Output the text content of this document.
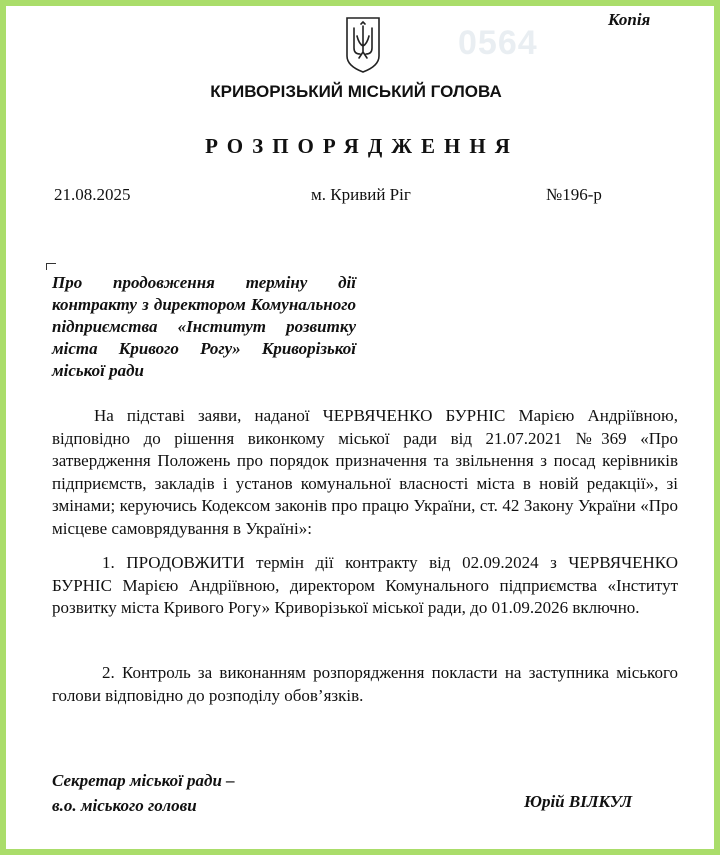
0564
Копія
КРИВОРІЗЬКИЙ МІСЬКИЙ ГОЛОВА
РОЗПОРЯДЖЕННЯ
21.08.2025	м. Кривий Ріг	№196-р
Про продовження терміну дії контракту з директором Комунального підприємства «Інститут розвитку міста Кривого Рогу» Криворізької міської ради

На підставі заяви, наданої ЧЕРВЯЧЕНКО БУРНІС Марією Андріївною, відповідно до рішення виконкому міської ради від 21.07.2021 №369 «Про затвердження Положень про порядок призначення та звільнення з посад керівників підприємств, закладів і установ комунальної власності міста в новій редакції», зі змінами; керуючись Кодексом законів про працю України, ст. 42 Закону України «Про місцеве самоврядування в Україні»:

1. ПРОДОВЖИТИ термін дії контракту від 02.09.2024 з ЧЕРВЯЧЕНКО БУРНІС Марією Андріївною, директором Комунального підприємства «Інститут розвитку міста Кривого Рогу» Криворізької міської ради, до 01.09.2026 включно.

2. Контроль за виконанням розпорядження покласти на заступника міського голови відповідно до розподілу обов’язків.

Секретар міської ради –
в.о. міського голови	Юрій ВІЛКУЛ
